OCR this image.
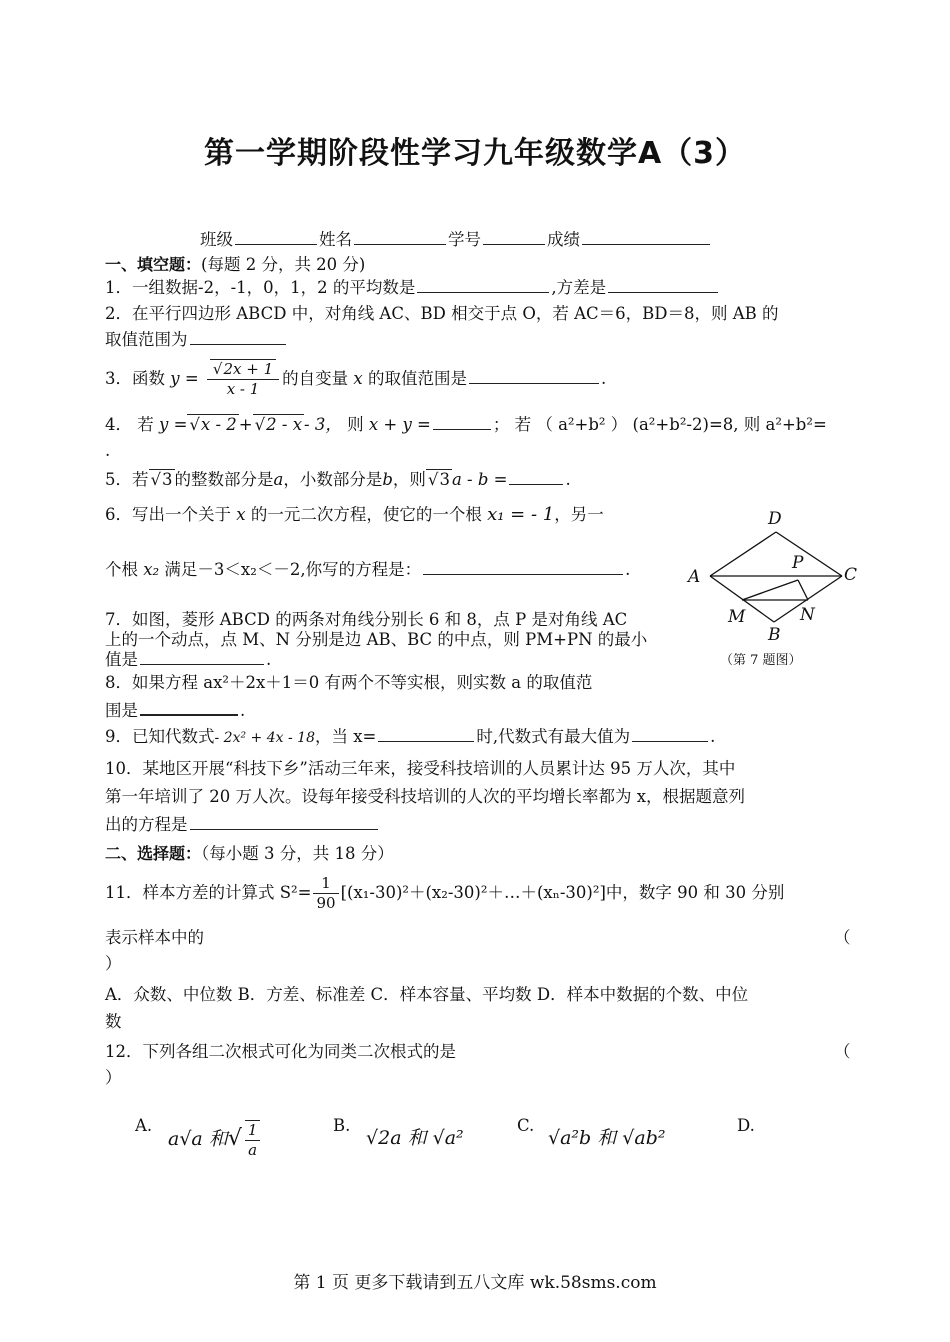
第一学期阶段性学习九年级数学A（3）
班级	姓名	学号	成绩
一、填空题：(每题 2 分，共 20 分)
1．一组数据-2，-1，0，1，2 的平均数是	,方差是
2．在平行四边形 ABCD 中，对角线 AC、BD 相交于点 O，若 AC＝6，BD＝8，则 AB 的
取值范围为
3．函数 y = √ $\frac{2x + 1}{x - 1}$ 的自变量 x 的取值范围是	.
4． 若 y = √ x - 2 + √ 2 - x - 3， 则 x + y =	； 若 （ a²+b² ） (a²+b²-2)=8, 则 a²+b²=
.
5．若 √ 3 的整数部分是a，小数部分是b，则 √ 3 a - b =	.
6．写出一个关于 x 的一元二次方程，使它的一个根 x₁ = - 1，另一
个根 x₂ 满足－3＜x₂＜－2,你写的方程是：	.
7．如图，菱形 ABCD 的两条对角线分别长 6 和 8，点 P 是对角线 AC
上的一个动点，点 M、N 分别是边 AB、BC 的中点，则 PM+PN 的最小
值是	.
8．如果方程 ax²＋2x＋1＝0 有两个不等实根，则实数 a 的取值范
围是	.
9．已知代数式- 2x² + 4x - 18，当 x=	时,代数式有最大值为	.
10．某地区开展“科技下乡”活动三年来，接受科技培训的人员累计达 95 万人次，其中
第一年培训了 20 万人次。设每年接受科技培训的人次的平均增长率都为 x，根据题意列
出的方程是
二、选择题：（每小题 3 分，共 18 分）
11．样本方差的计算式 $S^2= \frac{1}{90}$ [(x₁-30)²＋(x₂-30)²＋…＋(xₙ-30)²]中，数字 90 和 30 分别
表示样本中的	（
）
A．众数、中位数 B．方差、标准差 C．样本容量、平均数 D．样本中数据的个数、中位
数
12．下列各组二次根式可化为同类二次根式的是	（
）
A.
a√a 和√ $\frac{1}{a}$	B.
√2a 和 √a²
C.
√a²b 和 √ab²
D.
D
A
P
C
M	N
B
（第 7 题图）
第 1 页 更多下载请到五八文库 wk.58sms.com
